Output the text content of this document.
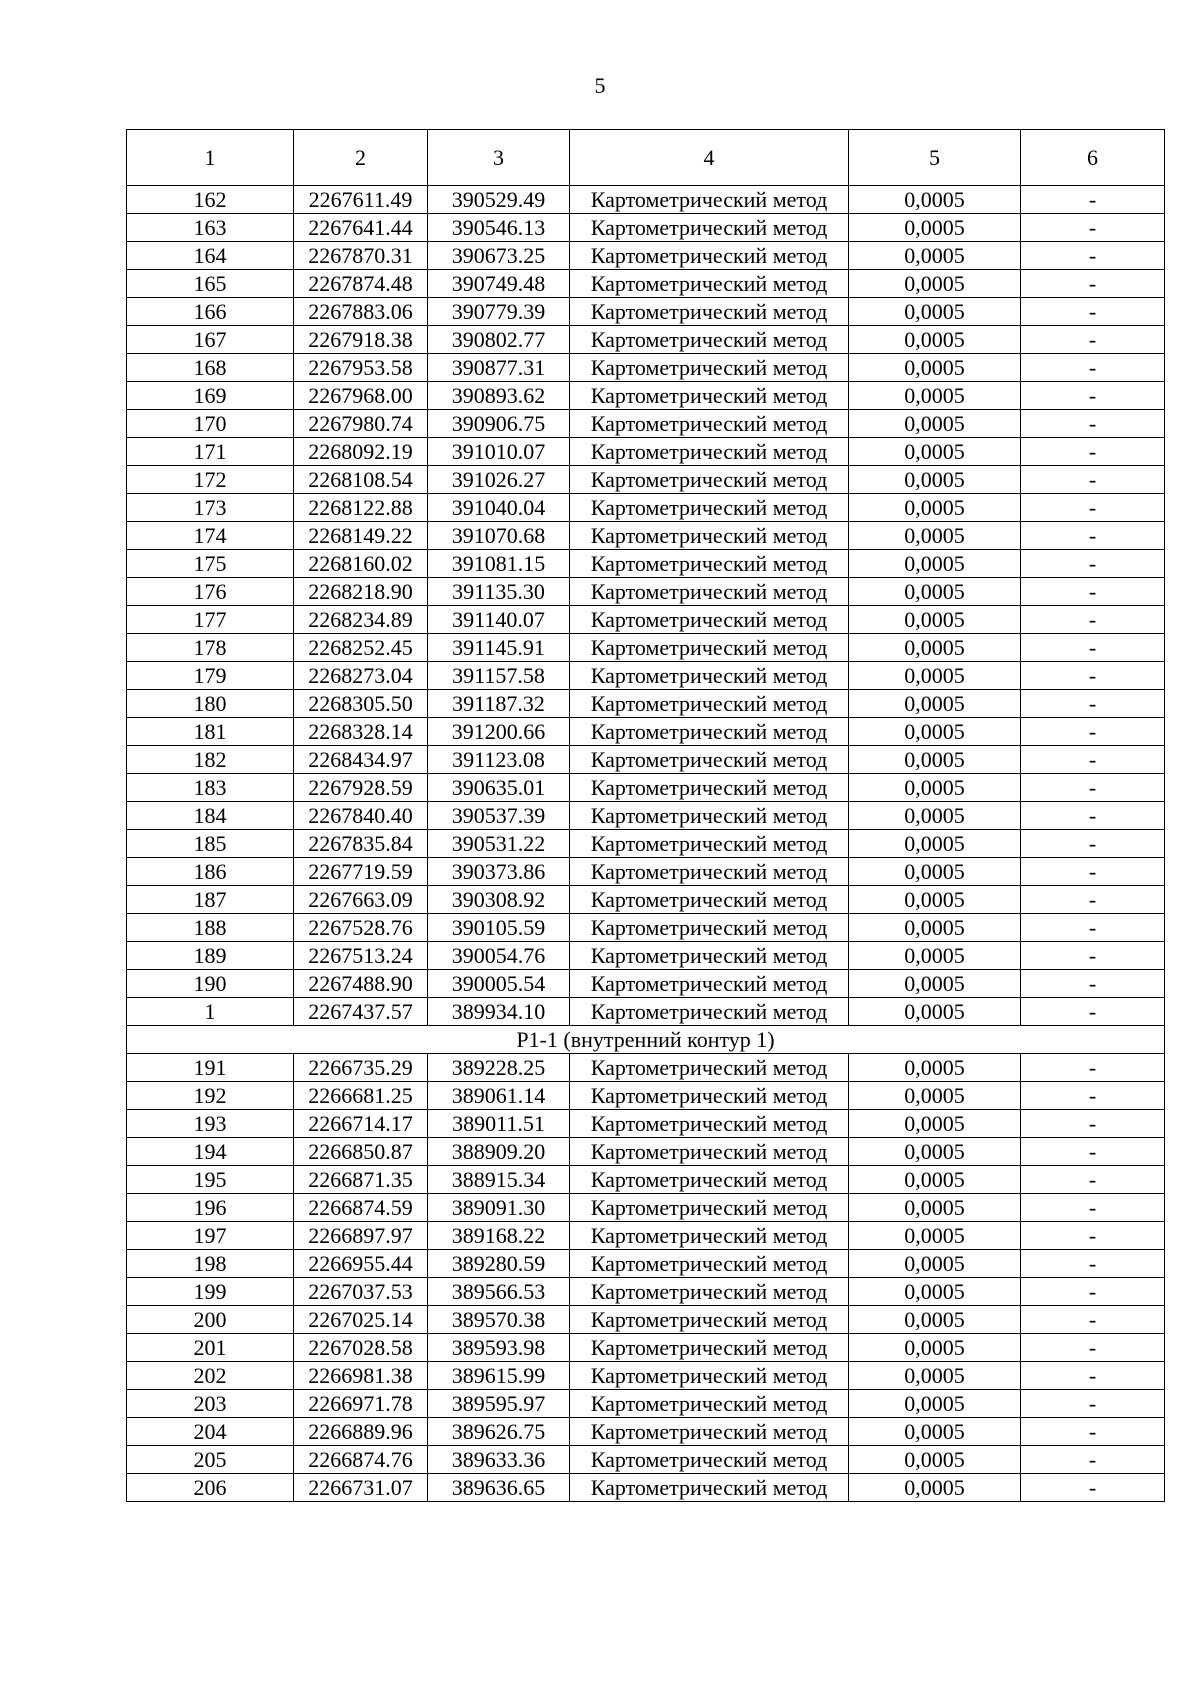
5
1	2	3	4	5	6
162	2267611.49	390529.49	Картометрический метод	0,0005	-
163	2267641.44	390546.13	Картометрический метод	0,0005	-
164	2267870.31	390673.25	Картометрический метод	0,0005	-
165	2267874.48	390749.48	Картометрический метод	0,0005	-
166	2267883.06	390779.39	Картометрический метод	0,0005	-
167	2267918.38	390802.77	Картометрический метод	0,0005	-
168	2267953.58	390877.31	Картометрический метод	0,0005	-
169	2267968.00	390893.62	Картометрический метод	0,0005	-
170	2267980.74	390906.75	Картометрический метод	0,0005	-
171	2268092.19	391010.07	Картометрический метод	0,0005	-
172	2268108.54	391026.27	Картометрический метод	0,0005	-
173	2268122.88	391040.04	Картометрический метод	0,0005	-
174	2268149.22	391070.68	Картометрический метод	0,0005	-
175	2268160.02	391081.15	Картометрический метод	0,0005	-
176	2268218.90	391135.30	Картометрический метод	0,0005	-
177	2268234.89	391140.07	Картометрический метод	0,0005	-
178	2268252.45	391145.91	Картометрический метод	0,0005	-
179	2268273.04	391157.58	Картометрический метод	0,0005	-
180	2268305.50	391187.32	Картометрический метод	0,0005	-
181	2268328.14	391200.66	Картометрический метод	0,0005	-
182	2268434.97	391123.08	Картометрический метод	0,0005	-
183	2267928.59	390635.01	Картометрический метод	0,0005	-
184	2267840.40	390537.39	Картометрический метод	0,0005	-
185	2267835.84	390531.22	Картометрический метод	0,0005	-
186	2267719.59	390373.86	Картометрический метод	0,0005	-
187	2267663.09	390308.92	Картометрический метод	0,0005	-
188	2267528.76	390105.59	Картометрический метод	0,0005	-
189	2267513.24	390054.76	Картометрический метод	0,0005	-
190	2267488.90	390005.54	Картометрический метод	0,0005	-
1	2267437.57	389934.10	Картометрический метод	0,0005	-
Р1-1 (внутренний контур 1)					
191	2266735.29	389228.25	Картометрический метод	0,0005	-
192	2266681.25	389061.14	Картометрический метод	0,0005	-
193	2266714.17	389011.51	Картометрический метод	0,0005	-
194	2266850.87	388909.20	Картометрический метод	0,0005	-
195	2266871.35	388915.34	Картометрический метод	0,0005	-
196	2266874.59	389091.30	Картометрический метод	0,0005	-
197	2266897.97	389168.22	Картометрический метод	0,0005	-
198	2266955.44	389280.59	Картометрический метод	0,0005	-
199	2267037.53	389566.53	Картометрический метод	0,0005	-
200	2267025.14	389570.38	Картометрический метод	0,0005	-
201	2267028.58	389593.98	Картометрический метод	0,0005	-
202	2266981.38	389615.99	Картометрический метод	0,0005	-
203	2266971.78	389595.97	Картометрический метод	0,0005	-
204	2266889.96	389626.75	Картометрический метод	0,0005	-
205	2266874.76	389633.36	Картометрический метод	0,0005	-
206	2266731.07	389636.65	Картометрический метод	0,0005	-
